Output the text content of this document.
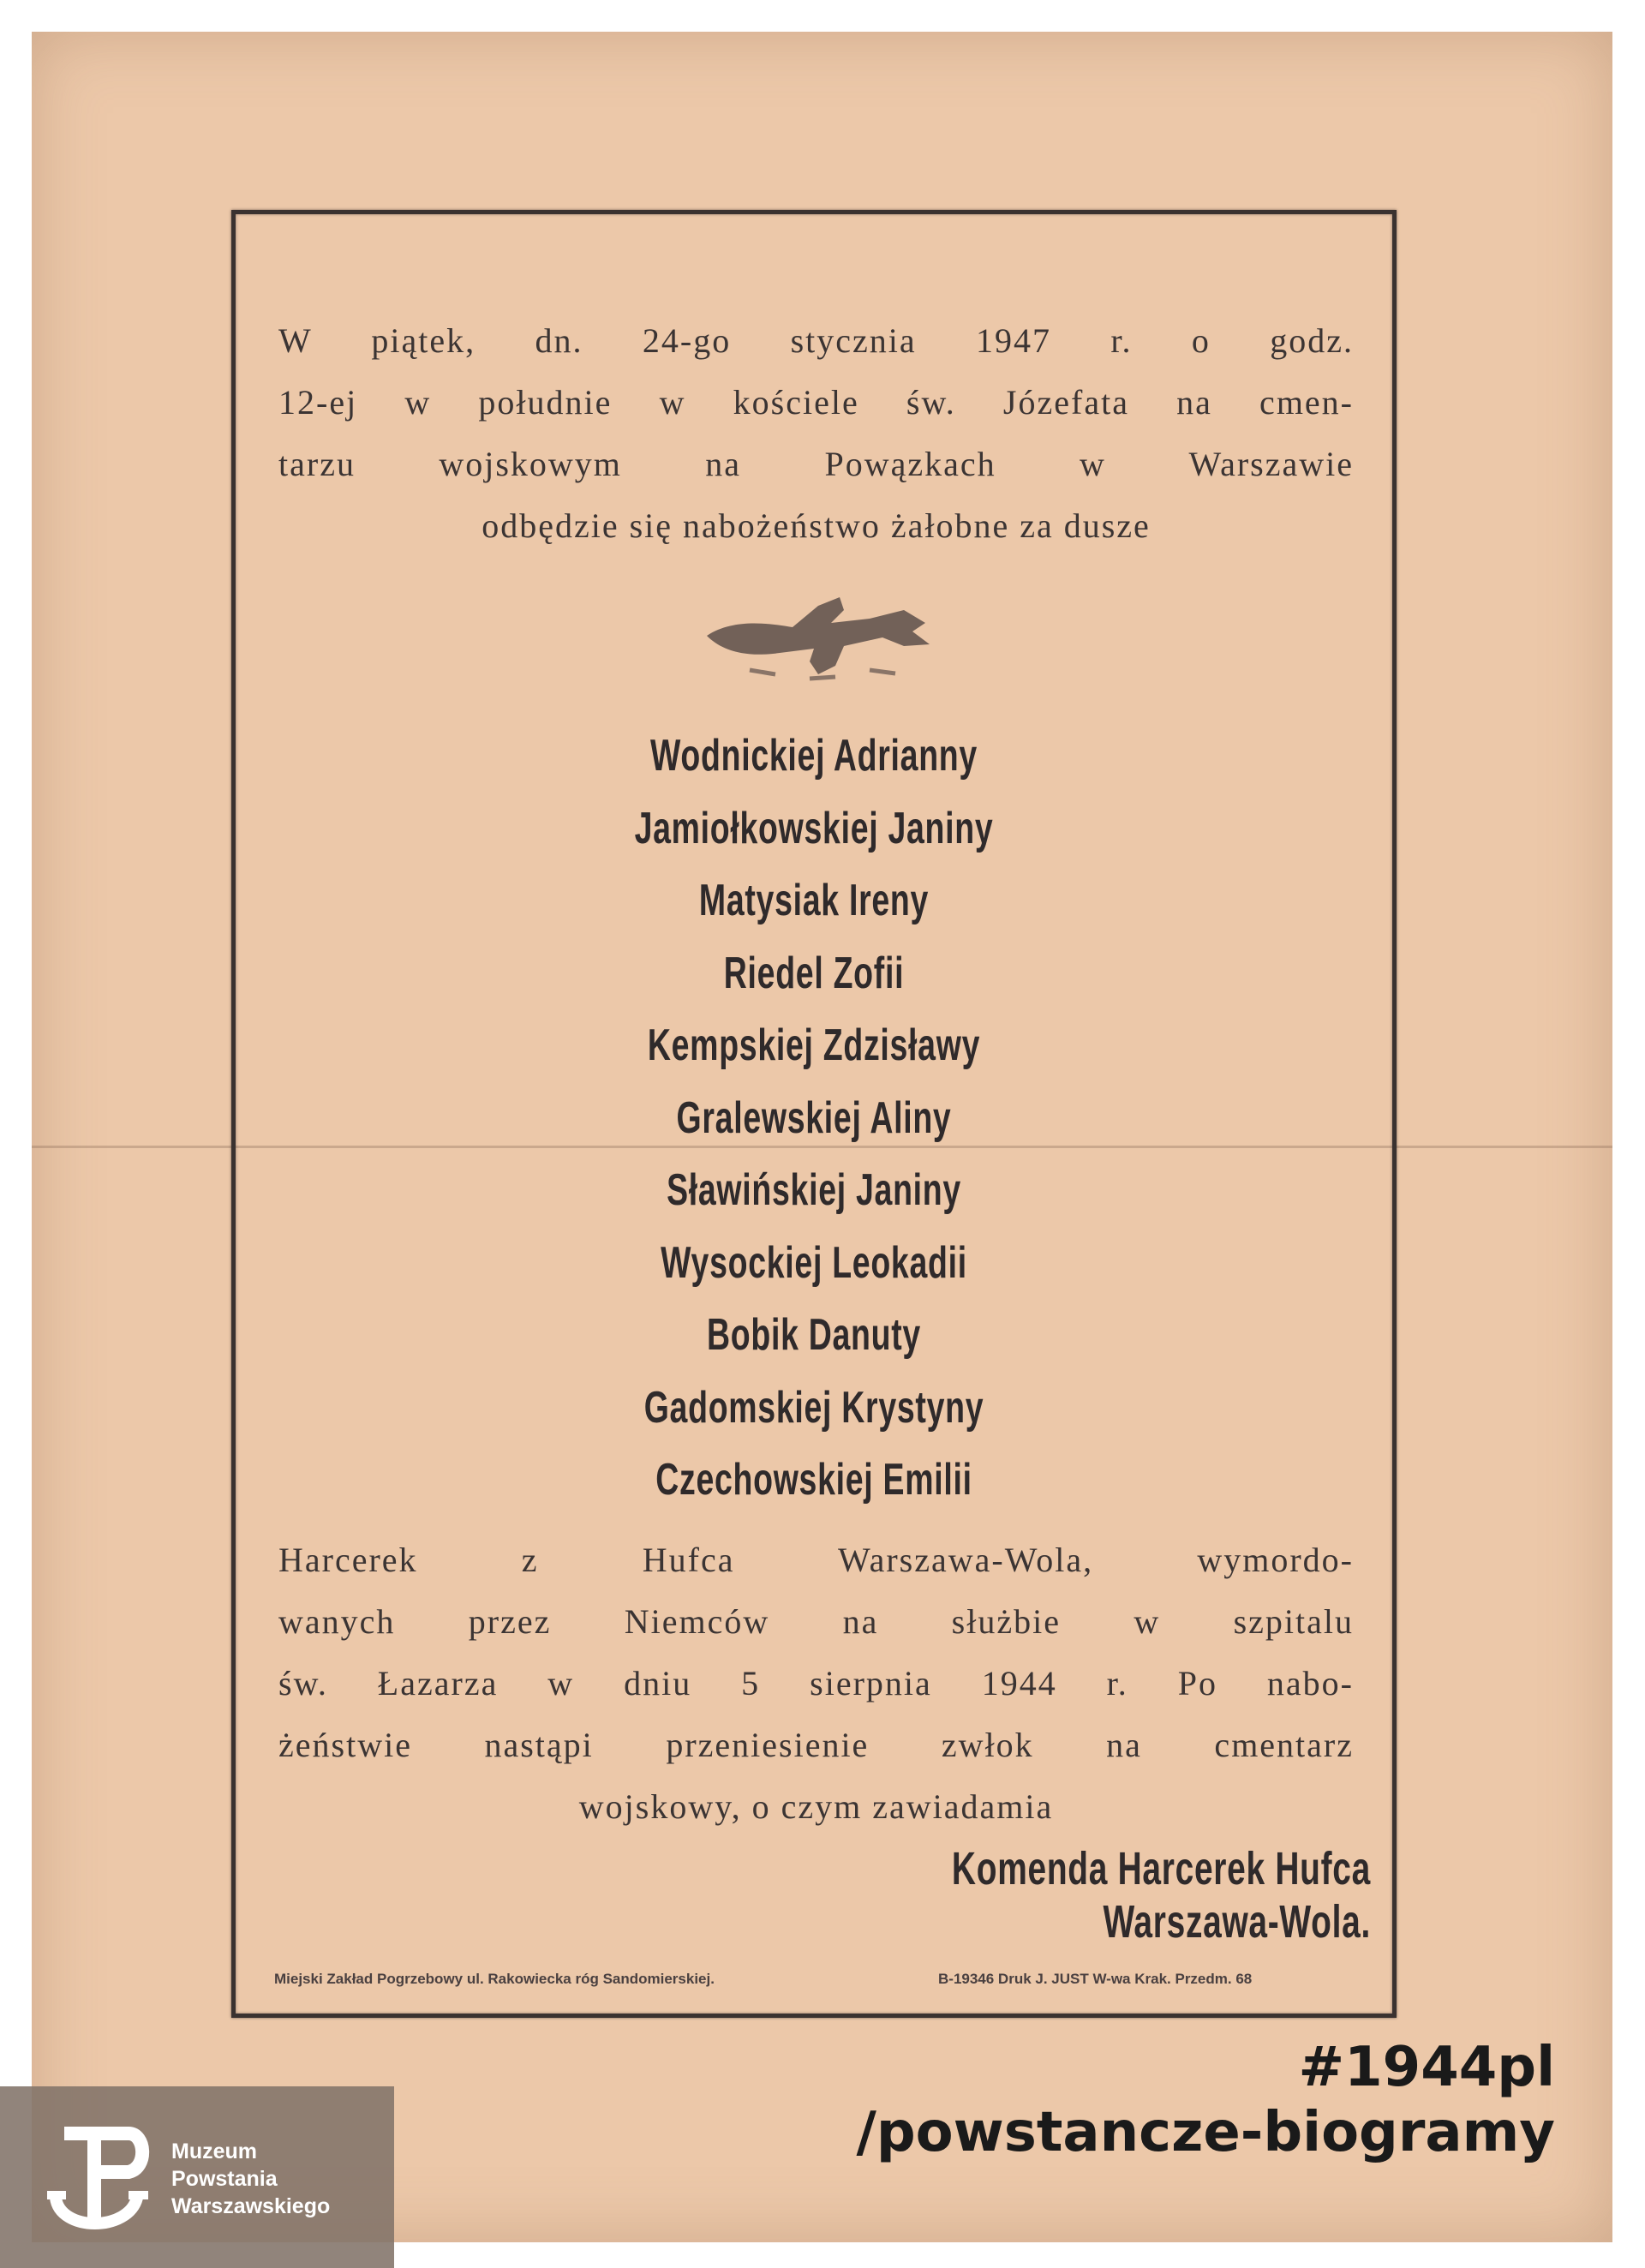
W piątek, dn. 24-go stycznia 1947 r. o godz.
12-ej w południe w kościele św. Józefata na cmen-
tarzu wojskowym na Powązkach w Warszawie
odbędzie się nabożeństwo żałobne za dusze
Wodnickiej Adrianny
Jamiołkowskiej Janiny
Matysiak Ireny
Riedel Zofii
Kempskiej Zdzisławy
Gralewskiej Aliny
Sławińskiej Janiny
Wysockiej Leokadii
Bobik Danuty
Gadomskiej Krystyny
Czechowskiej Emilii
Harcerek z Hufca Warszawa-Wola, wymordo-
wanych przez Niemców na służbie w szpitalu
św. Łazarza w dniu 5 sierpnia 1944 r. Po nabo-
żeństwie nastąpi przeniesienie zwłok na cmentarz
wojskowy, o czym zawiadamia
Komenda Harcerek Hufca Warszawa-Wola.
Miejski Zakład Pogrzebowy ul. Rakowiecka róg Sandomierskiej.	B-19346 Druk J. JUST W-wa Krak. Przedm. 68
#1944pl
/powstancze-biogramy
Muzeum
Powstania
Warszawskiego
